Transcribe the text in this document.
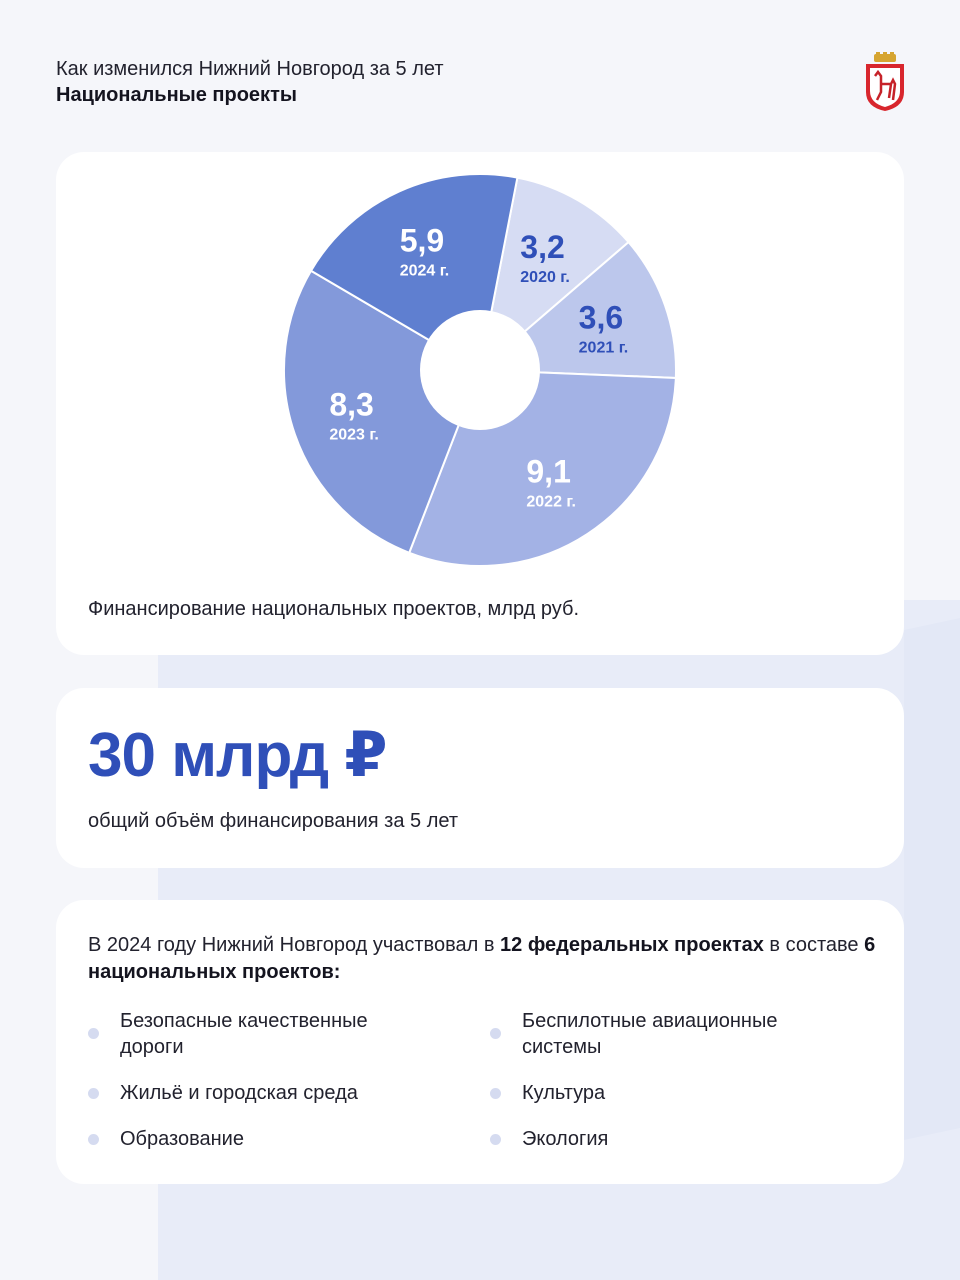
Как изменился Нижний Новгород за 5 лет
Национальные проекты
3,2
2020 г.
3,6
2021 г.
9,1
2022 г.
8,3
2023 г.
5,9
2024 г.
Финансирование национальных проектов, млрд руб.
30 млрд ₽
общий объём финансирования за 5 лет
В 2024 году Нижний Новгород участвовал в 12 федеральных проектах в составе 6 национальных проектов:
Безопасные качественные дороги
Беспилотные авиационные системы
Жильё и городская среда	Культура
Образование	Экология
